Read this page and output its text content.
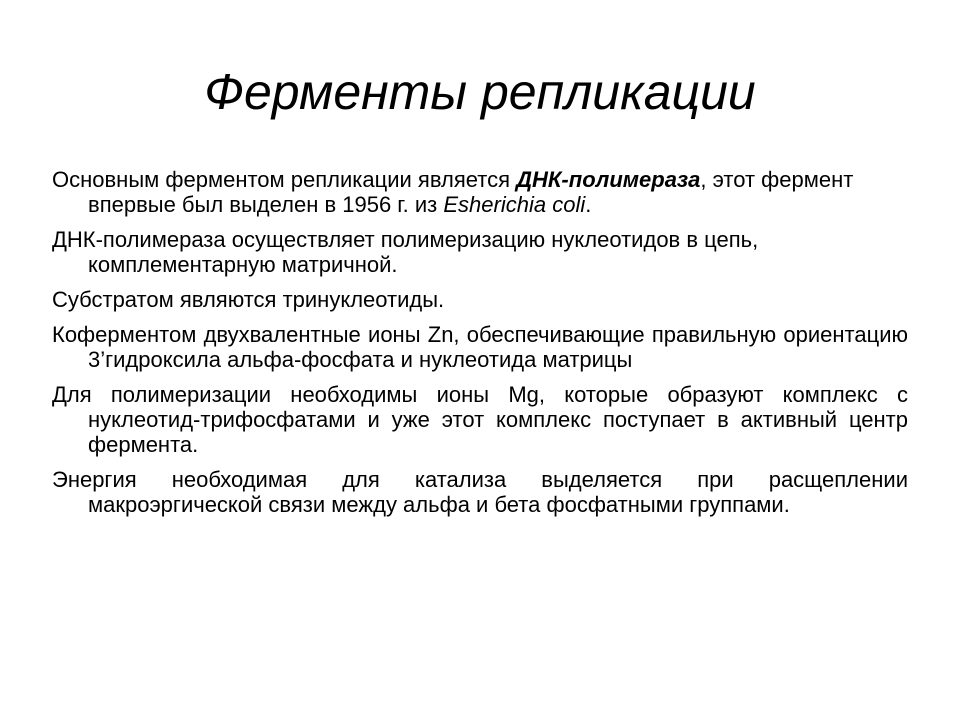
Ферменты репликации
Основным ферментом репликации является ДНК-полимераза, этот фермент впервые был выделен в 1956 г. из Esherichia coli.
ДНК-полимераза осуществляет полимеризацию нуклеотидов в цепь, комплементарную матричной.
Субстратом являются тринуклеотиды.
Коферментом двухвалентные ионы Zn, обеспечивающие правильную ориентацию 3’гидроксила альфа-фосфата и нуклеотида матрицы
Для полимеризации необходимы ионы Mg, которые образуют комплекс с нуклеотид-трифосфатами и уже этот комплекс поступает в активный центр фермента.
Энергия необходимая для катализа выделяется при расщеплении макроэргической связи между альфа и бета фосфатными группами.
